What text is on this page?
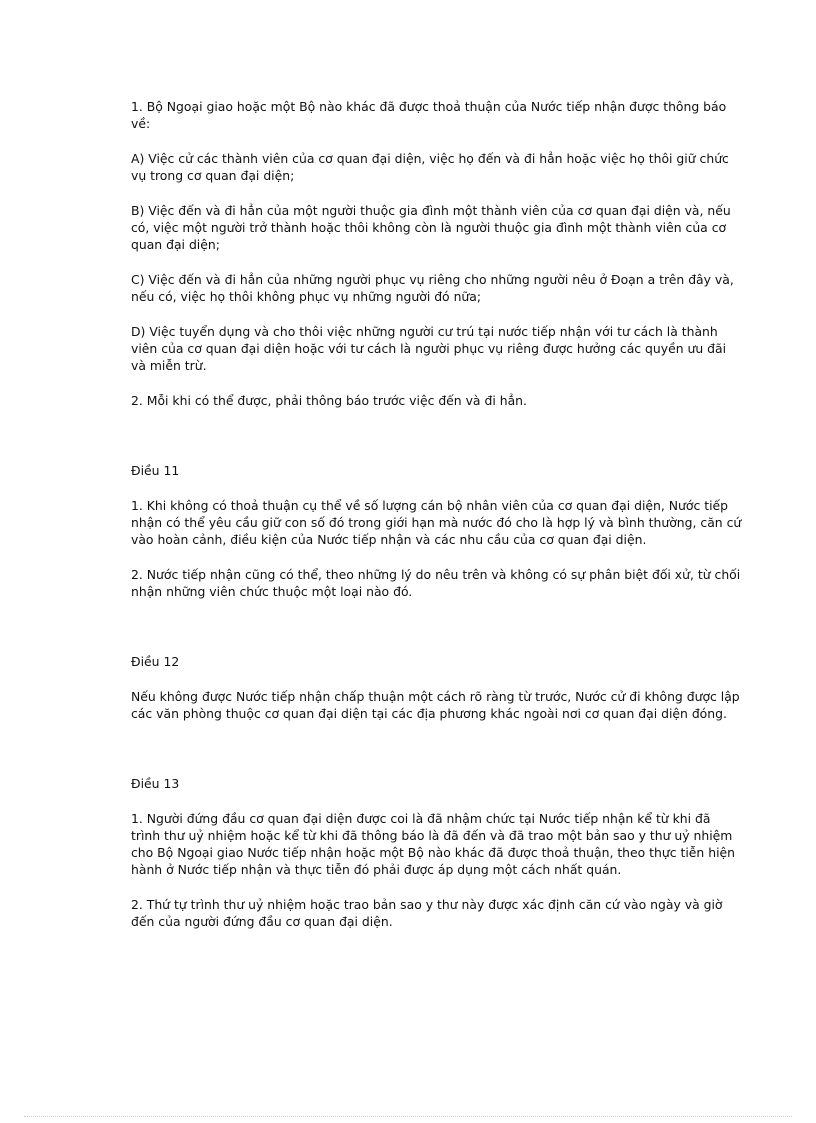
1. Bộ Ngoại giao hoặc một Bộ nào khác đã được thoả thuận của Nước tiếp nhận được thông báo về:

A) Việc cử các thành viên của cơ quan đại diện, việc họ đến và đi hẳn hoặc việc họ thôi giữ chức vụ trong cơ quan đại diện;

B) Việc đến và đi hẳn của một người thuộc gia đình một thành viên của cơ quan đại diện và, nếu có, việc một người trở thành hoặc thôi không còn là người thuộc gia đình một thành viên của cơ quan đại diện;

C) Việc đến và đi hẳn của những người phục vụ riêng cho những người nêu ở Đoạn a trên đây và, nếu có, việc họ thôi không phục vụ những người đó nữa;

D) Việc tuyển dụng và cho thôi việc những người cư trú tại nước tiếp nhận với tư cách là thành viên của cơ quan đại diện hoặc với tư cách là người phục vụ riêng được hưởng các quyền ưu đãi và miễn trừ.

2. Mỗi khi có thể được, phải thông báo trước việc đến và đi hẳn.

Điều 11

1. Khi không có thoả thuận cụ thể về số lượng cán bộ nhân viên của cơ quan đại diện, Nước tiếp nhận có thể yêu cầu giữ con số đó trong giới hạn mà nước đó cho là hợp lý và bình thường, căn cứ vào hoàn cảnh, điều kiện của Nước tiếp nhận và các nhu cầu của cơ quan đại diện.

2. Nước tiếp nhận cũng có thể, theo những lý do nêu trên và không có sự phân biệt đối xử, từ chối nhận những viên chức thuộc một loại nào đó.

Điều 12

Nếu không được Nước tiếp nhận chấp thuận một cách rõ ràng từ trước, Nước cử đi không được lập các văn phòng thuộc cơ quan đại diện tại các địa phương khác ngoài nơi cơ quan đại diện đóng.

Điều 13

1. Người đứng đầu cơ quan đại diện được coi là đã nhậm chức tại Nước tiếp nhận kể từ khi đã trình thư uỷ nhiệm hoặc kể từ khi đã thông báo là đã đến và đã trao một bản sao y thư uỷ nhiệm cho Bộ Ngoại giao Nước tiếp nhận hoặc một Bộ nào khác đã được thoả thuận, theo thực tiễn hiện hành ở Nước tiếp nhận và thực tiễn đó phải được áp dụng một cách nhất quán.

2. Thứ tự trình thư uỷ nhiệm hoặc trao bản sao y thư này được xác định căn cứ vào ngày và giờ đến của người đứng đầu cơ quan đại diện.
